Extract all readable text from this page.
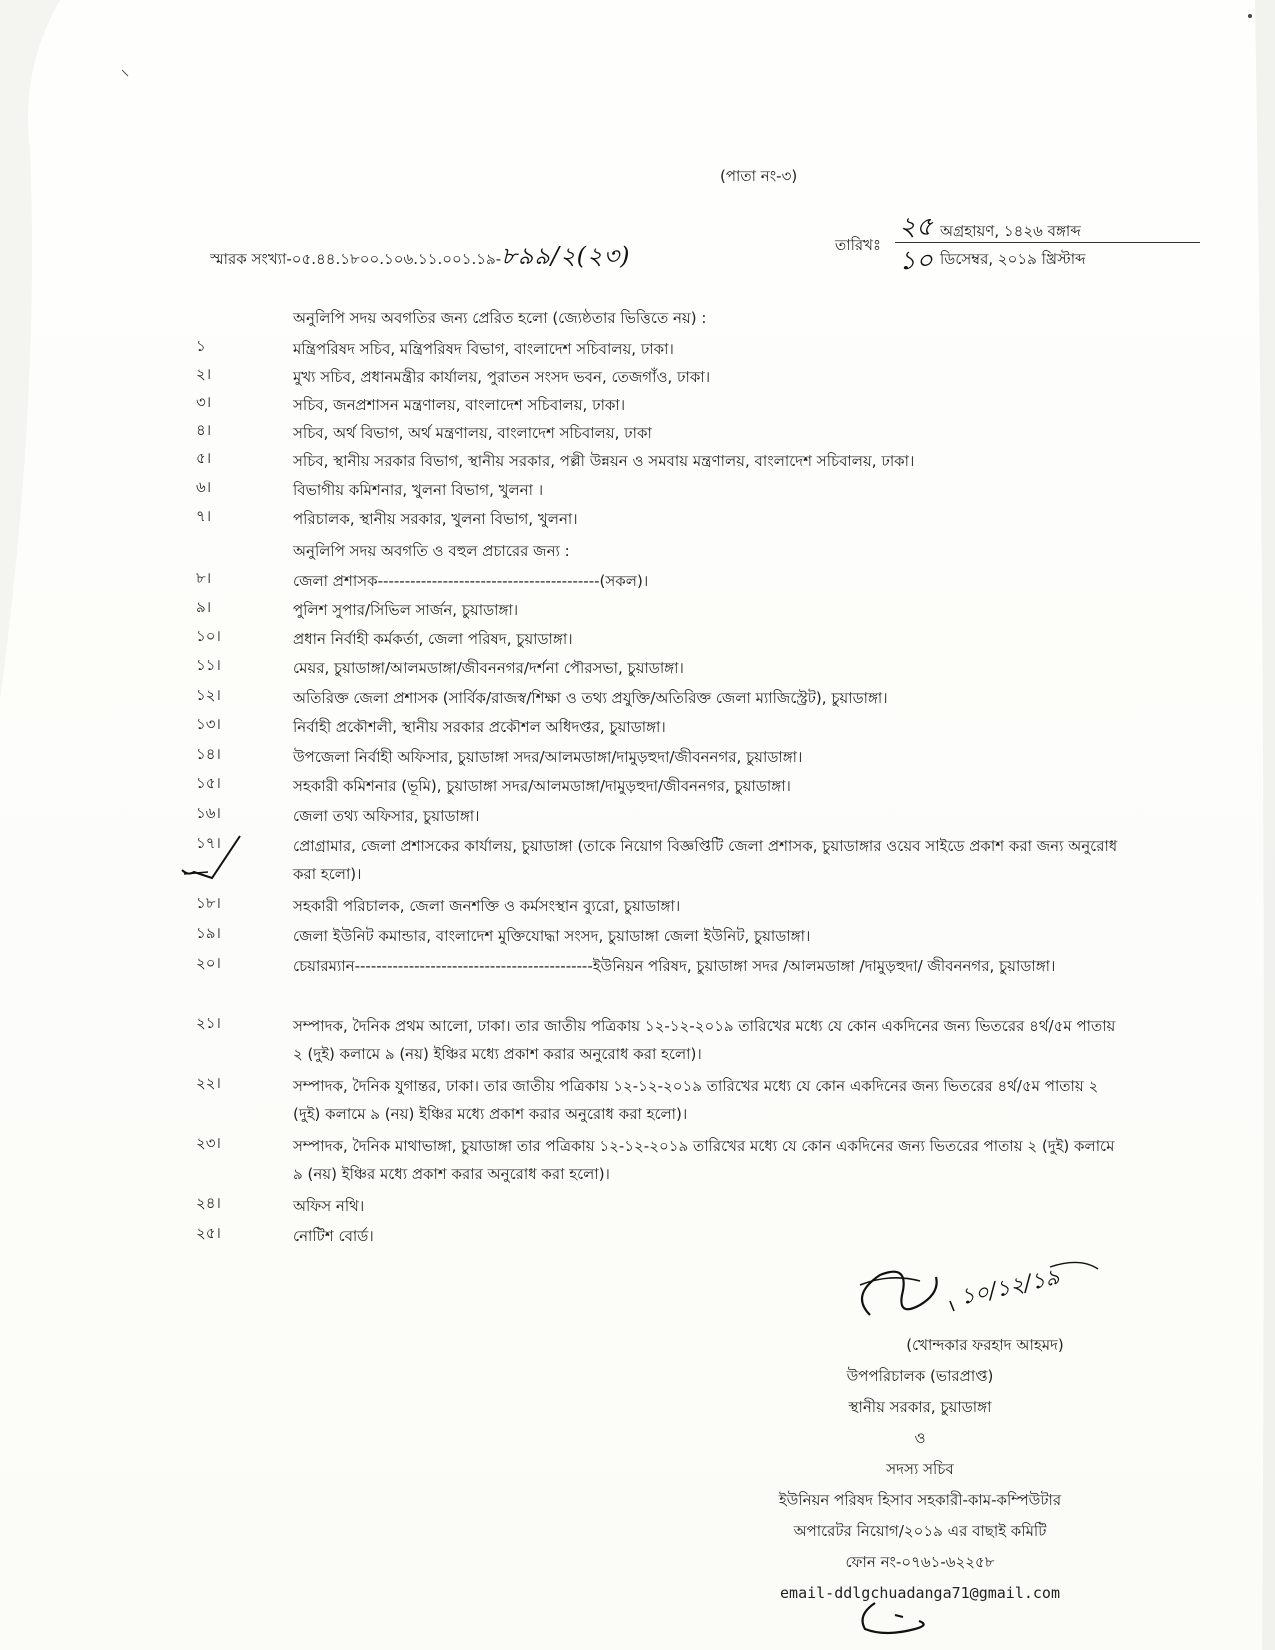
(পাতা নং-৩)
স্মারক সংখ্যা-০৫.৪৪.১৮০০.১০৬.১১.০০১.১৯-৮৯৯/২(২৩)	তারিখঃ
২৫ অগ্রহায়ণ, ১৪২৬ বঙ্গাব্দ
১০ ডিসেম্বর, ২০১৯ খ্রিস্টাব্দ
অনুলিপি সদয় অবগতির জন্য প্রেরিত হলো (জ্যেষ্ঠতার ভিত্তিতে নয়) :
১	মন্ত্রিপরিষদ সচিব, মন্ত্রিপরিষদ বিভাগ, বাংলাদেশ সচিবালয়, ঢাকা।
২।	মুখ্য সচিব, প্রধানমন্ত্রীর কার্যালয়, পুরাতন সংসদ ভবন, তেজগাঁও, ঢাকা।
৩।	সচিব, জনপ্রশাসন মন্ত্রণালয়, বাংলাদেশ সচিবালয়, ঢাকা।
৪।	সচিব, অর্থ বিভাগ, অর্থ মন্ত্রণালয়, বাংলাদেশ সচিবালয়, ঢাকা
৫।	সচিব, স্থানীয় সরকার বিভাগ, স্থানীয় সরকার, পল্লী উন্নয়ন ও সমবায় মন্ত্রণালয়, বাংলাদেশ সচিবালয়, ঢাকা।
৬।	বিভাগীয় কমিশনার, খুলনা বিভাগ, খুলনা ।
৭।	পরিচালক, স্থানীয় সরকার, খুলনা বিভাগ, খুলনা।
অনুলিপি সদয় অবগতি ও বহুল প্রচারের জন্য :
৮।	জেলা প্রশাসক-----------------------------------------(সকল)।
৯।	পুলিশ সুপার/সিভিল সার্জন, চুয়াডাঙ্গা।
১০।	প্রধান নির্বাহী কর্মকর্তা, জেলা পরিষদ, চুয়াডাঙ্গা।
১১।	মেয়র, চুয়াডাঙ্গা/আলমডাঙ্গা/জীবননগর/দর্শনা পৌরসভা, চুয়াডাঙ্গা।
১২।	অতিরিক্ত জেলা প্রশাসক (সার্বিক/রাজস্ব/শিক্ষা ও তথ্য প্রযুক্তি/অতিরিক্ত জেলা ম্যাজিস্ট্রেট), চুয়াডাঙ্গা।
১৩।	নির্বাহী প্রকৌশলী, স্থানীয় সরকার প্রকৌশল অধিদপ্তর, চুয়াডাঙ্গা।
১৪।	উপজেলা নির্বাহী অফিসার, চুয়াডাঙ্গা সদর/আলমডাঙ্গা/দামুড়হুদা/জীবননগর, চুয়াডাঙ্গা।
১৫।	সহকারী কমিশনার (ভূমি), চুয়াডাঙ্গা সদর/আলমডাঙ্গা/দামুড়হুদা/জীবননগর, চুয়াডাঙ্গা।
১৬।	জেলা তথ্য অফিসার, চুয়াডাঙ্গা।
১৭।	প্রোগ্রামার, জেলা প্রশাসকের কার্যালয়, চুয়াডাঙ্গা (তাকে নিয়োগ বিজ্ঞপ্তিটি জেলা প্রশাসক, চুয়াডাঙ্গার ওয়েব সাইডে প্রকাশ করা জন্য অনুরোধ করা হলো)।
১৮।	সহকারী পরিচালক, জেলা জনশক্তি ও কর্মসংস্থান ব্যুরো, চুয়াডাঙ্গা।
১৯।	জেলা ইউনিট কমান্ডার, বাংলাদেশ মুক্তিযোদ্ধা সংসদ, চুয়াডাঙ্গা জেলা ইউনিট, চুয়াডাঙ্গা।
২০।	চেয়ারম্যান--------------------------------------------ইউনিয়ন পরিষদ, চুয়াডাঙ্গা সদর /আলমডাঙ্গা /দামুড়হুদা/ জীবননগর, চুয়াডাঙ্গা।
২১।	সম্পাদক, দৈনিক প্রথম আলো, ঢাকা। তার জাতীয় পত্রিকায় ১২-১২-২০১৯ তারিখের মধ্যে যে কোন একদিনের জন্য ভিতরের ৪র্থ/৫ম পাতায় ২ (দুই) কলামে ৯ (নয়) ইঞ্চির মধ্যে প্রকাশ করার অনুরোধ করা হলো)।
২২।	সম্পাদক, দৈনিক যুগান্তর, ঢাকা। তার জাতীয় পত্রিকায় ১২-১২-২০১৯ তারিখের মধ্যে যে কোন একদিনের জন্য ভিতরের ৪র্থ/৫ম পাতায় ২ (দুই) কলামে ৯ (নয়) ইঞ্চির মধ্যে প্রকাশ করার অনুরোধ করা হলো)।
২৩।	সম্পাদক, দৈনিক মাথাভাঙ্গা, চুয়াডাঙ্গা তার পত্রিকায় ১২-১২-২০১৯ তারিখের মধ্যে যে কোন একদিনের জন্য ভিতরের পাতায় ২ (দুই) কলামে ৯ (নয়) ইঞ্চির মধ্যে প্রকাশ করার অনুরোধ করা হলো)।
২৪।	অফিস নথি।
২৫।	নোটিশ বোর্ড।
১০/১২/১৯
(খোন্দকার ফরহাদ আহমদ)
উপপরিচালক (ভারপ্রাপ্ত)
স্থানীয় সরকার, চুয়াডাঙ্গা
ও
সদস্য সচিব
ইউনিয়ন পরিষদ হিসাব সহকারী-কাম-কম্পিউটার
অপারেটর নিয়োগ/২০১৯ এর বাছাই কমিটি
ফোন নং-০৭৬১-৬২২৫৮
email-ddlgchuadanga71@gmail.com
